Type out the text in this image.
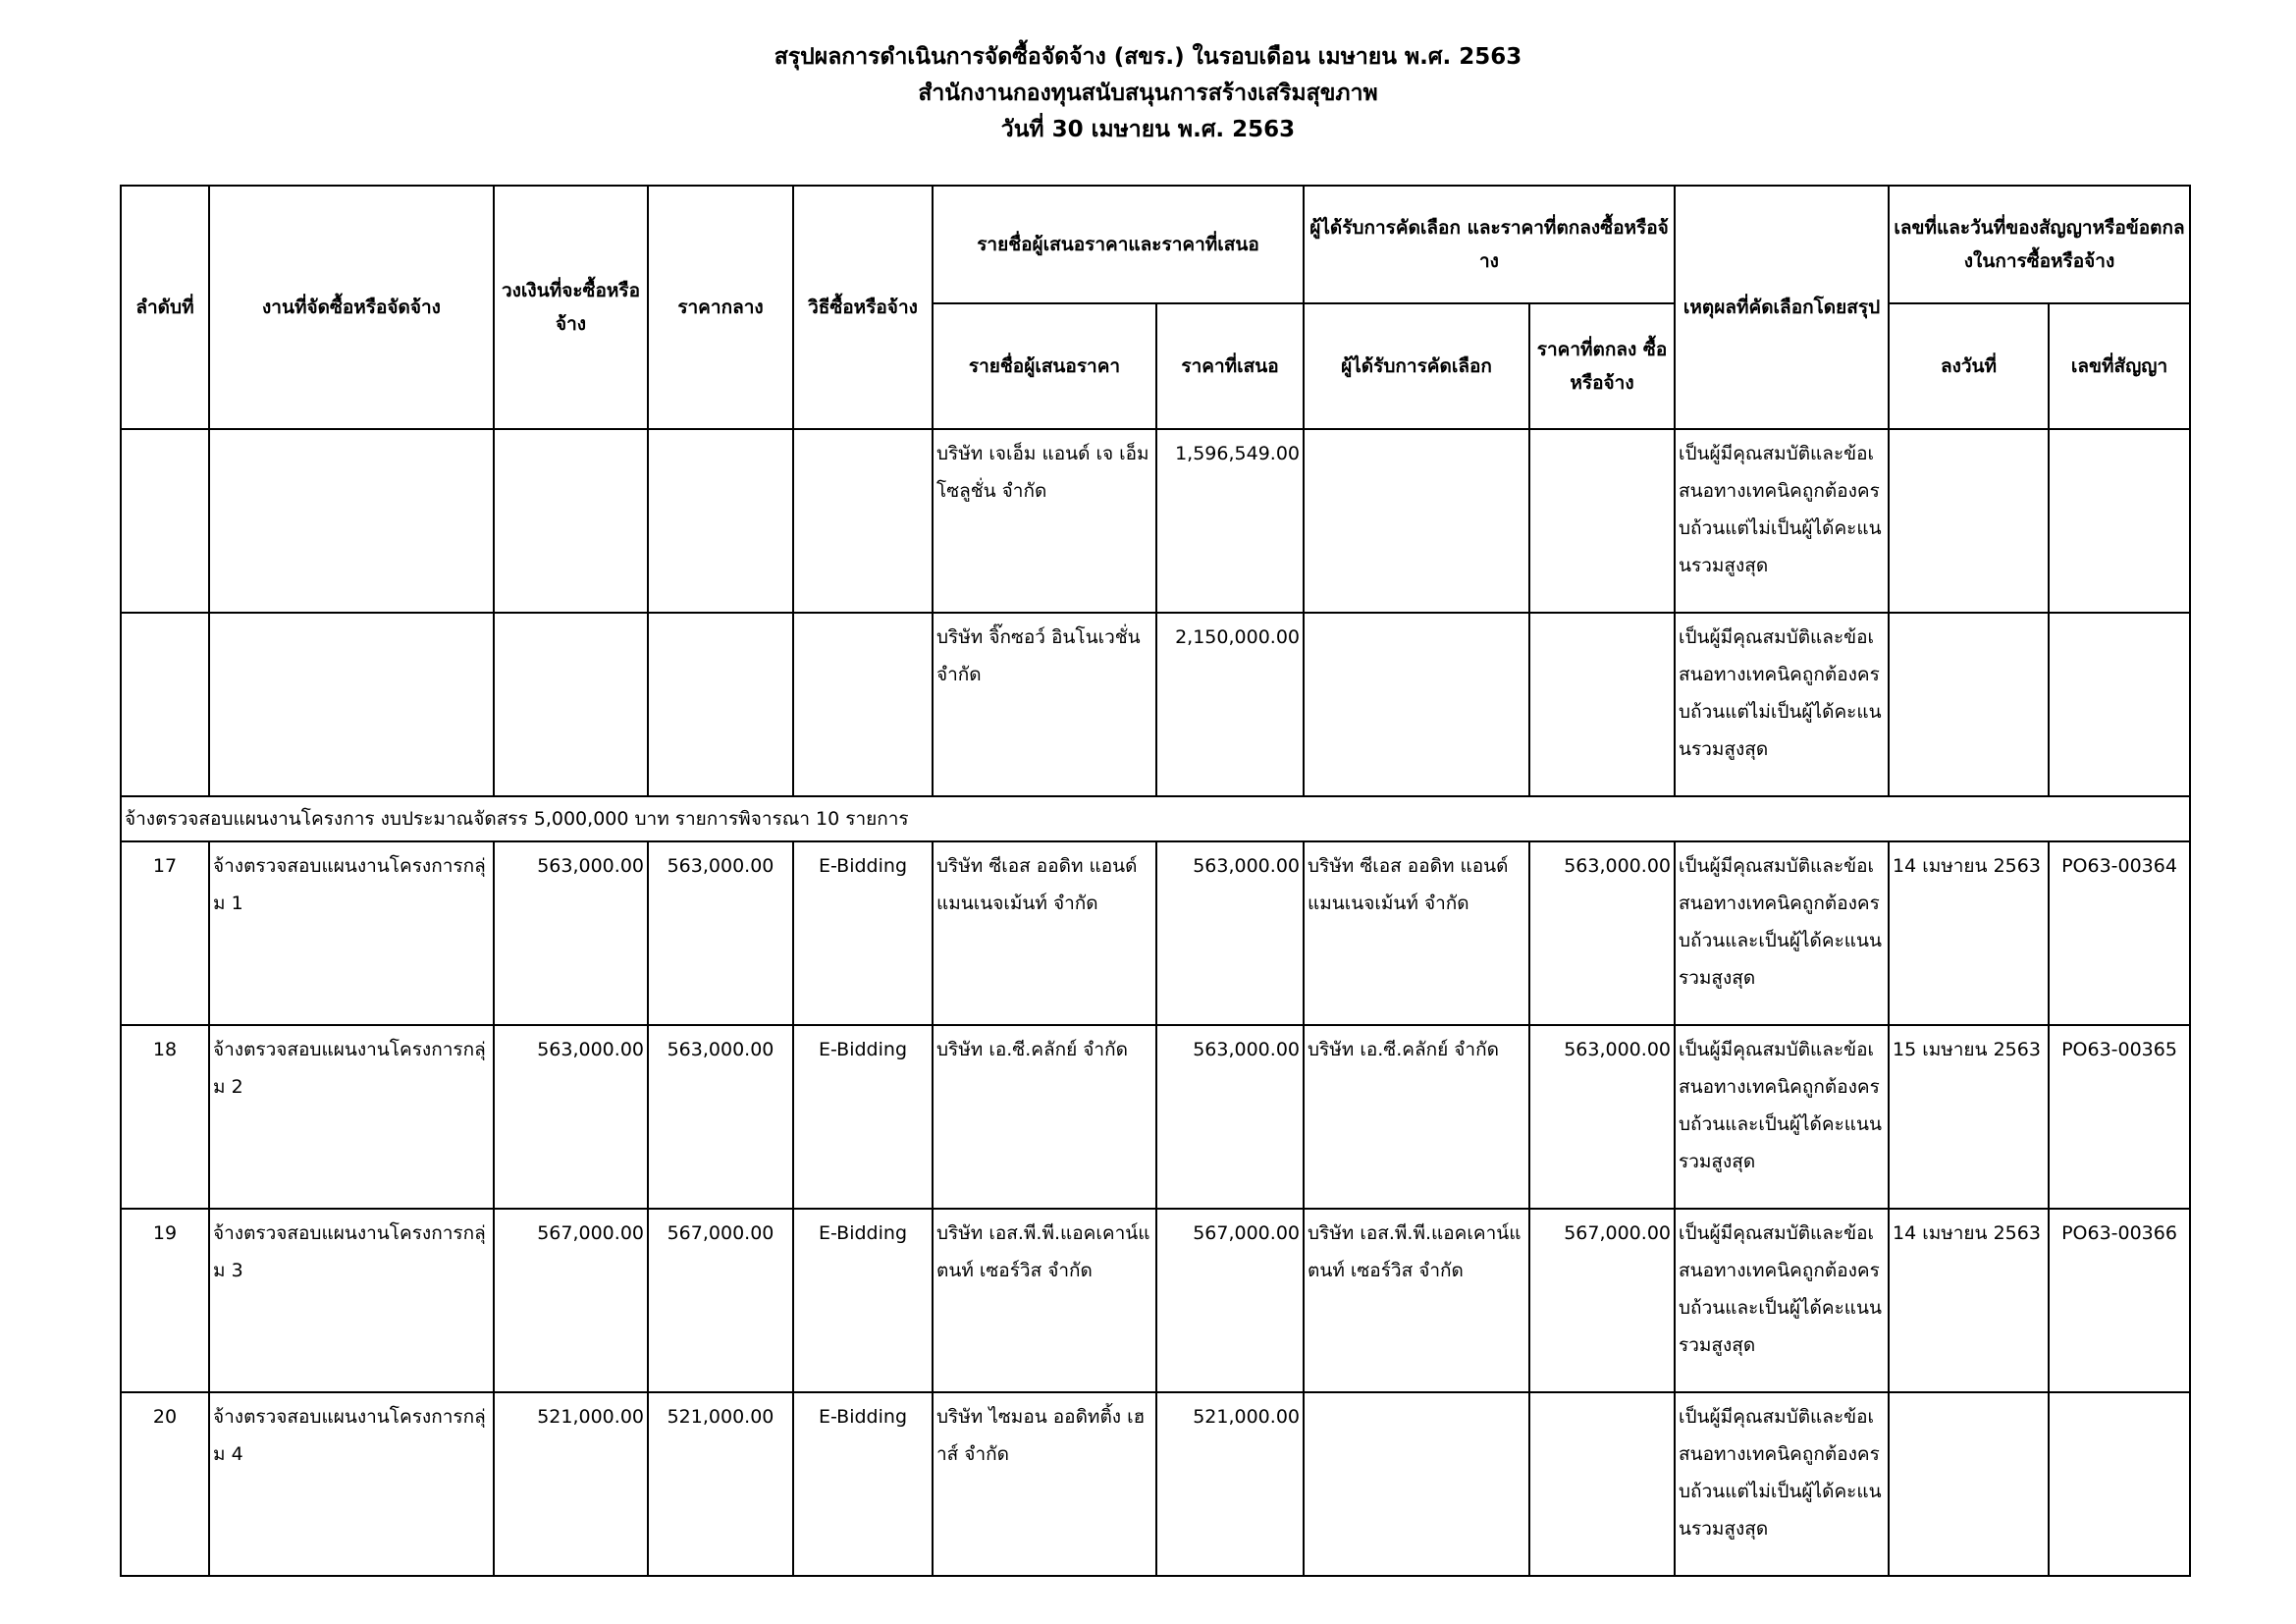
สรุปผลการดำเนินการจัดซื้อจัดจ้าง (สขร.) ในรอบเดือน เมษายน พ.ศ. 2563
สำนักงานกองทุนสนับสนุนการสร้างเสริมสุขภาพ
วันที่ 30 เมษายน พ.ศ. 2563
ลำดับที่	งานที่จัดซื้อหรือจัดจ้าง	วงเงินที่จะซื้อหรือจ้าง	ราคากลาง	วิธีซื้อหรือจ้าง	รายชื่อผู้เสนอราคาและราคาที่เสนอ		ผู้ได้รับการคัดเลือก และราคาที่ตกลงซื้อหรือจ้าง		เหตุผลที่คัดเลือกโดยสรุป	เลขที่และวันที่ของสัญญาหรือข้อตกลงในการซื้อหรือจ้าง	
					รายชื่อผู้เสนอราคา	ราคาที่เสนอ	ผู้ได้รับการคัดเลือก	ราคาที่ตกลง ซื้อหรือจ้าง		ลงวันที่	เลขที่สัญญา
					บริษัท เจเอ็ม แอนด์ เจ เอ็ม โซลูชั่น จำกัด	1,596,549.00			เป็นผู้มีคุณสมบัติและข้อเสนอทางเทคนิคถูกต้องครบถ้วนแต่ไม่เป็นผู้ได้คะแนนรวมสูงสุด		
					บริษัท จิ๊กซอว์ อินโนเวชั่น จำกัด	2,150,000.00			เป็นผู้มีคุณสมบัติและข้อเสนอทางเทคนิคถูกต้องครบถ้วนแต่ไม่เป็นผู้ได้คะแนนรวมสูงสุด		
จ้างตรวจสอบแผนงานโครงการ งบประมาณจัดสรร 5,000,000 บาท รายการพิจารณา 10 รายการ											
17	จ้างตรวจสอบแผนงานโครงการกลุ่ม 1	563,000.00	563,000.00	E-Bidding	บริษัท ซีเอส ออดิท แอนด์ แมนเนจเม้นท์ จำกัด	563,000.00	บริษัท ซีเอส ออดิท แอนด์ แมนเนจเม้นท์ จำกัด	563,000.00	เป็นผู้มีคุณสมบัติและข้อเสนอทางเทคนิคถูกต้องครบถ้วนและเป็นผู้ได้คะแนนรวมสูงสุด	14 เมษายน 2563	PO63-00364
18	จ้างตรวจสอบแผนงานโครงการกลุ่ม 2	563,000.00	563,000.00	E-Bidding	บริษัท เอ.ซี.คลักย์ จำกัด	563,000.00	บริษัท เอ.ซี.คลักย์ จำกัด	563,000.00	เป็นผู้มีคุณสมบัติและข้อเสนอทางเทคนิคถูกต้องครบถ้วนและเป็นผู้ได้คะแนนรวมสูงสุด	15 เมษายน 2563	PO63-00365
19	จ้างตรวจสอบแผนงานโครงการกลุ่ม 3	567,000.00	567,000.00	E-Bidding	บริษัท เอส.พี.พี.แอคเคาน์แตนท์ เซอร์วิส จำกัด	567,000.00	บริษัท เอส.พี.พี.แอคเคาน์แตนท์ เซอร์วิส จำกัด	567,000.00	เป็นผู้มีคุณสมบัติและข้อเสนอทางเทคนิคถูกต้องครบถ้วนและเป็นผู้ได้คะแนนรวมสูงสุด	14 เมษายน 2563	PO63-00366
20	จ้างตรวจสอบแผนงานโครงการกลุ่ม 4	521,000.00	521,000.00	E-Bidding	บริษัท ไซมอน ออดิทติ้ง เฮาส์ จำกัด	521,000.00			เป็นผู้มีคุณสมบัติและข้อเสนอทางเทคนิคถูกต้องครบถ้วนแต่ไม่เป็นผู้ได้คะแนนรวมสูงสุด		
